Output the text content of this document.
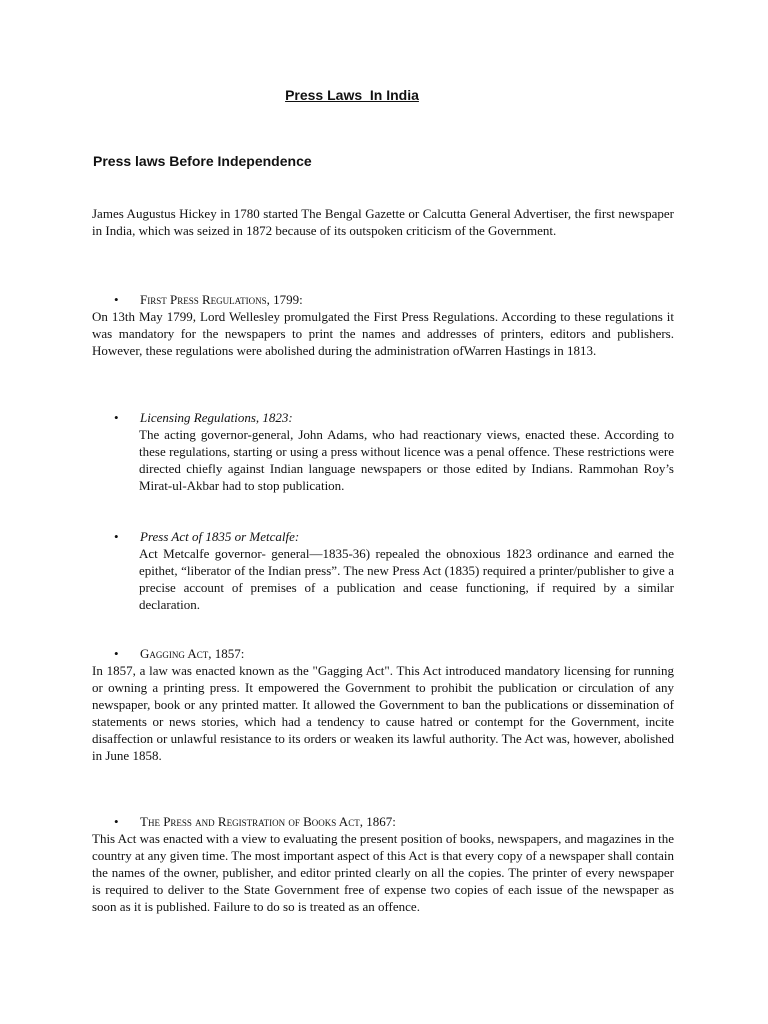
Press Laws  In India
Press laws Before Independence

James Augustus Hickey in 1780 started The Bengal Gazette or Calcutta General Advertiser, the first newspaper in India, which was seized in 1872 because of its outspoken criticism of the Government.

• First Press Regulations, 1799:

On 13th May 1799, Lord Wellesley promulgated the First Press Regulations. According to these regulations it was mandatory for the newspapers to print the names and addresses of printers, editors and publishers. However, these regulations were abolished during the administration ofWarren Hastings in 1813.

• Licensing Regulations, 1823:

The acting governor-general, John Adams, who had reactionary views, enacted these. According to these regulations, starting or using a press without licence was a penal offence. These restrictions were directed chiefly against Indian language newspapers or those edited by Indians. Rammohan Roy’s Mirat-ul-Akbar had to stop publication.

• Press Act of 1835 or Metcalfe:

Act Metcalfe governor- general—1835-36) repealed the obnoxious 1823 ordinance and earned the epithet, “liberator of the Indian press”. The new Press Act (1835) required a printer/publisher to give a precise account of premises of a publication and cease functioning, if required by a similar declaration.

• Gagging Act, 1857:

In 1857, a law was enacted known as the "Gagging Act". This Act introduced mandatory licensing for running or owning a printing press. It empowered the Government to prohibit the publication or circulation of any newspaper, book or any printed matter. It allowed the Government to ban the publications or dissemination of statements or news stories, which had a tendency to cause hatred or contempt for the Government, incite disaffection or unlawful resistance to its orders or weaken its lawful authority. The Act was, however, abolished in June 1858.

• The Press and Registration of Books Act, 1867:

This Act was enacted with a view to evaluating the present position of books, newspapers, and magazines in the country at any given time. The most important aspect of this Act is that every copy of a newspaper shall contain the names of the owner, publisher, and editor printed clearly on all the copies. The printer of every newspaper is required to deliver to the State Government free of expense two copies of each issue of the newspaper as soon as it is published. Failure to do so is treated as an offence.
